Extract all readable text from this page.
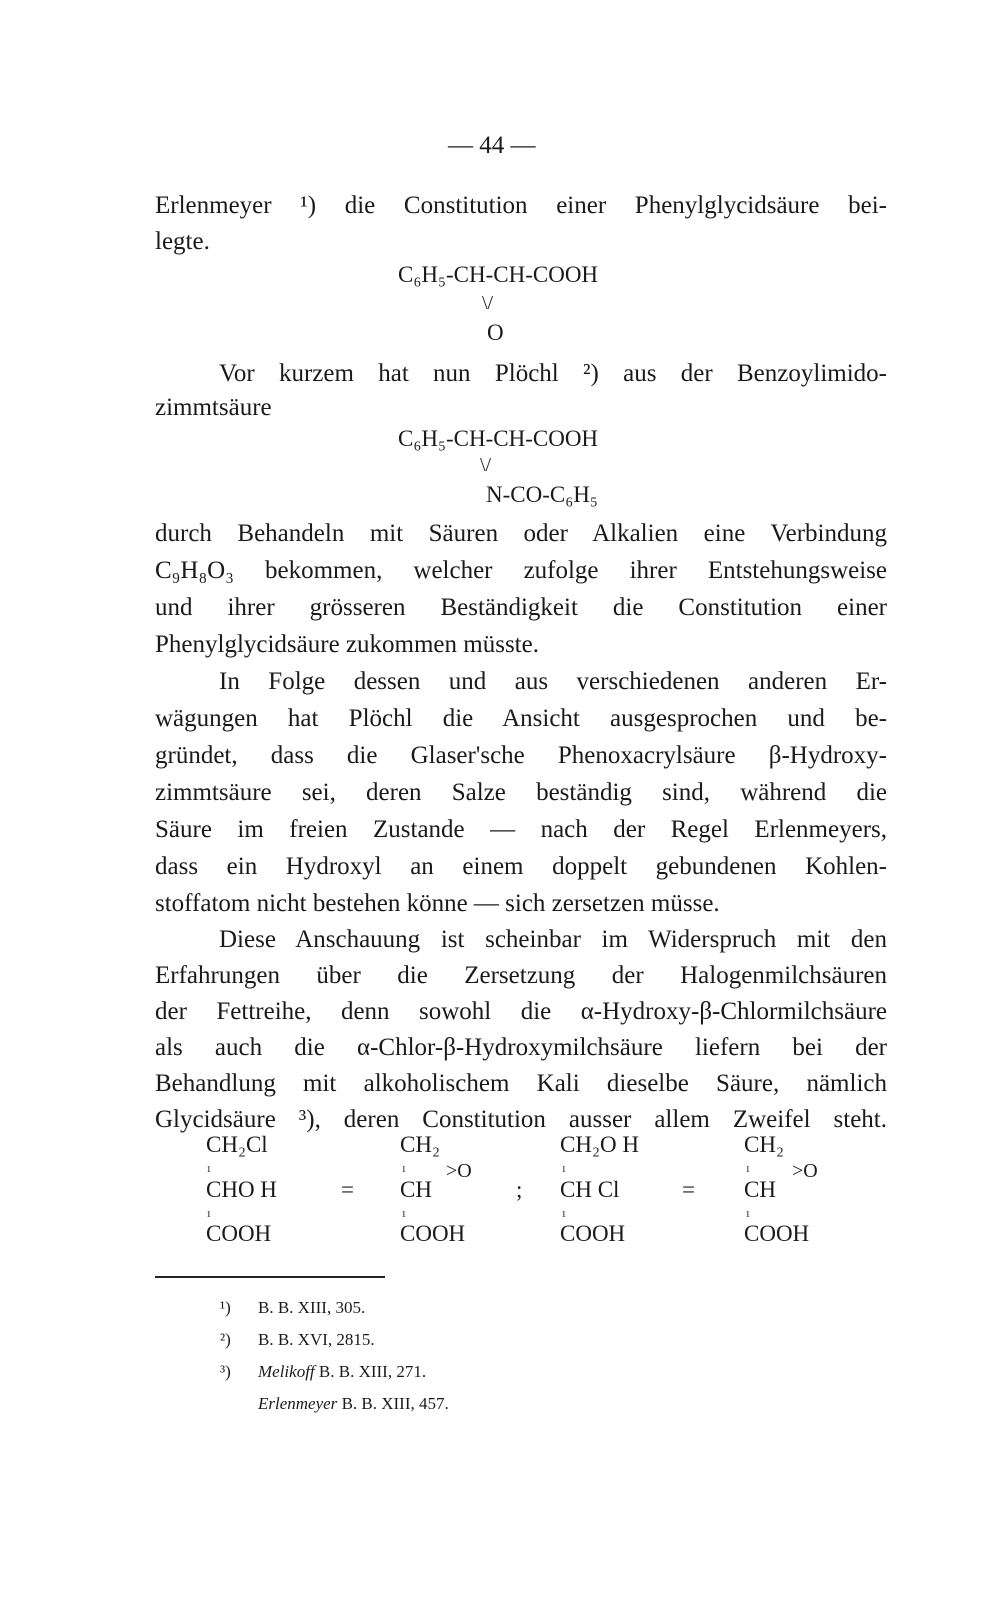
— 44 —
Erlenmeyer ¹) die Constitution einer Phenylglycidsäure bei-
legte.
C₆H₅-CH-CH-COOH
\/
O
Vor kurzem hat nun Plöchl ²) aus der Benzoylimido-
zimmtsäure
C₆H₅-CH-CH-COOH
\/
N-CO-C₆H₅
durch Behandeln mit Säuren oder Alkalien eine Verbindung
C₉H₈O₃ bekommen, welcher zufolge ihrer Entstehungsweise
und ihrer grösseren Beständigkeit die Constitution einer
Phenylglycidsäure zukommen müsste.
In Folge dessen und aus verschiedenen anderen Er-
wägungen hat Plöchl die Ansicht ausgesprochen und be-
gründet, dass die Glaser'sche Phenoxacrylsäure β-Hydroxy-
zimmtsäure sei, deren Salze beständig sind, während die
Säure im freien Zustande — nach der Regel Erlenmeyers,
dass ein Hydroxyl an einem doppelt gebundenen Kohlen-
stoffatom nicht bestehen könne — sich zersetzen müsse.
Diese Anschauung ist scheinbar im Widerspruch mit den
Erfahrungen über die Zersetzung der Halogenmilchsäuren
der Fettreihe, denn sowohl die α-Hydroxy-β-Chlormilchsäure
als auch die α-Chlor-β-Hydroxymilchsäure liefern bei der
Behandlung mit alkoholischem Kali dieselbe Säure, nämlich
Glycidsäure ³), deren Constitution ausser allem Zweifel steht.
CH₂Cl
ı
CHO H
ı
COOH
=
CH₂
ı
CH
>O
ı
COOH
;
CH₂O H
ı
CH Cl
ı
COOH
=
CH₂
ı
CH
>O
ı
COOH
¹) B. B. XIII, 305.
²) B. B. XVI, 2815.
³) Melikoff B. B. XIII, 271.
Erlenmeyer B. B. XIII, 457.
